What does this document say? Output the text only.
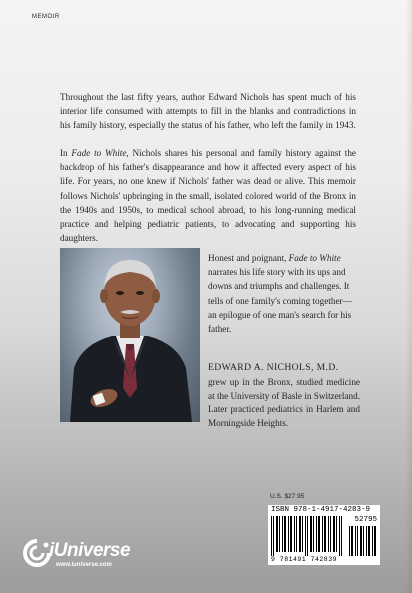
MEMOIR

Throughout the last fifty years, author Edward Nichols has spent much of his interior life consumed with attempts to fill in the blanks and contradictions in his family history, especially the status of his father, who left the family in 1943.

In Fade to White, Nichols shares his personal and family history against the backdrop of his father's disappearance and how it affected every aspect of his life. For years, no one knew if Nichols' father was dead or alive. This memoir follows Nichols' upbringing in the small, isolated colored world of the Bronx in the 1940s and 1950s, to medical school abroad, to his long-running medical practice and helping pediatric patients, to advocating and supporting his daughters.

Honest and poignant, Fade to White narrates his life story with its ups and downs and triumphs and challenges. It tells of one family's coming together—an epilogue of one man's search for his father.

EDWARD A. NICHOLS, M.D.

grew up in the Bronx, studied medicine at the University of Basle in Switzerland. Later practiced pediatrics in Harlem and Morningside Heights.

U.S. $27.95
ISBN 978-1-4917-4283-9
52795
9 781491 742839
iUniverse
www.iuniverse.com
